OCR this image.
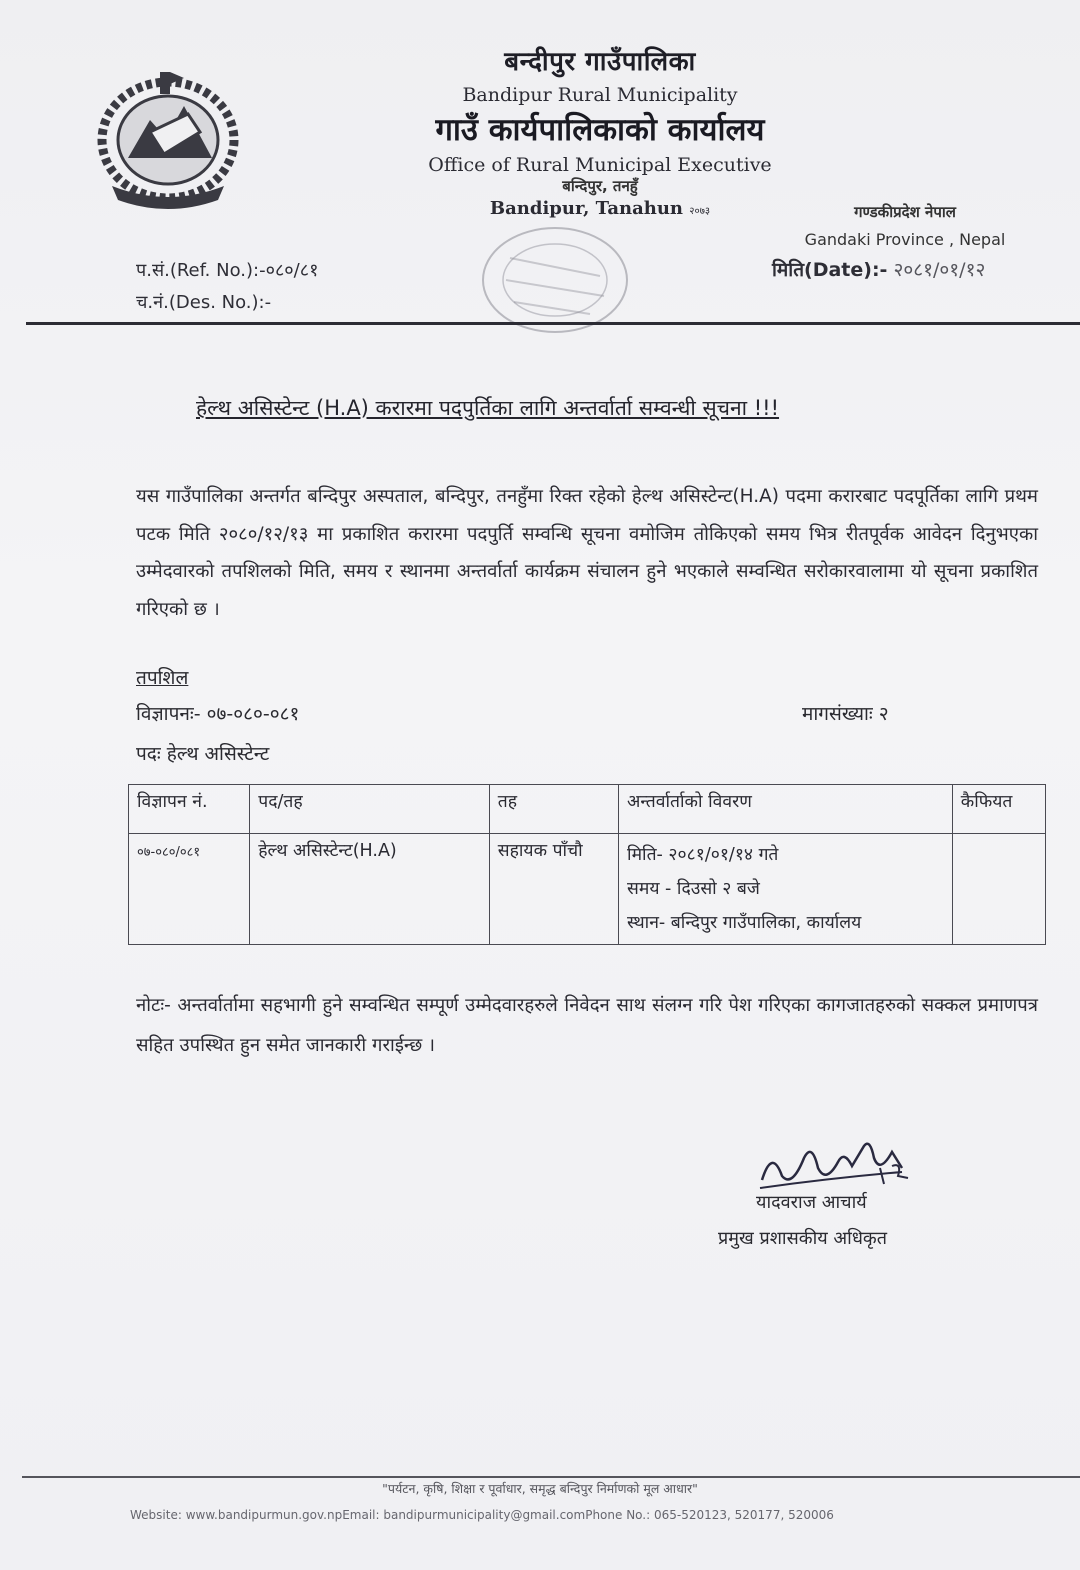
बन्दीपुर गाउँपालिका
Bandipur Rural Municipality
गाउँ कार्यपालिकाको कार्यालय
Office of Rural Municipal Executive
बन्दिपुर, तनहुँ
Bandipur, Tanahun २०७३	गण्डकीप्रदेश नेपाल
Gandaki Province , Nepal
मिति(Date):- २०८१/०१/१२
प.सं.(Ref. No.):-०८०/८१
च.नं.(Des. No.):-
हेल्थ असिस्टेन्ट (H.A) करारमा पदपुर्तिका लागि अन्तर्वार्ता सम्वन्धी सूचना !!!
यस गाउँपालिका अन्तर्गत बन्दिपुर अस्पताल, बन्दिपुर, तनहुँमा रिक्त रहेको हेल्थ असिस्टेन्ट(H.A) पदमा करारबाट पदपूर्तिका लागि प्रथम पटक मिति २०८०/१२/१३ मा प्रकाशित करारमा पदपुर्ति सम्वन्धि सूचना वमोजिम तोकिएको समय भित्र रीतपूर्वक आवेदन दिनुभएका उम्मेदवारको तपशिलको मिति, समय र स्थानमा अन्तर्वार्ता कार्यक्रम संचालन हुने भएकाले सम्वन्धित सरोकारवालामा यो सूचना प्रकाशित गरिएको छ ।
तपशिल
विज्ञापनः- ०७-०८०-०८१	मागसंख्याः २
पदः हेल्थ असिस्टेन्ट
विज्ञापन नं.	पद/तह	तह	अन्तर्वार्ताको विवरण	कैफियत
०७-०८०/०८१	हेल्थ असिस्टेन्ट(H.A)	सहायक पाँचौ	मिति- २०८१/०१/१४ गते
समय - दिउसो २ बजे
स्थान- बन्दिपुर गाउँपालिका, कार्यालय	

नोटः- अन्तर्वार्तामा सहभागी हुने सम्वन्धित सम्पूर्ण उम्मेदवारहरुले निवेदन साथ संलग्न गरि पेश गरिएका कागजातहरुको सक्कल प्रमाणपत्र सहित उपस्थित हुन समेत जानकारी गराईन्छ ।
यादवराज आचार्य
प्रमुख प्रशासकीय अधिकृत
"पर्यटन, कृषि, शिक्षा र पूर्वाधार, समृद्ध बन्दिपुर निर्माणको मूल आधार"
Website: www.bandipurmun.gov.npEmail: bandipurmunicipality@gmail.comPhone No.: 065-520123, 520177, 520006
